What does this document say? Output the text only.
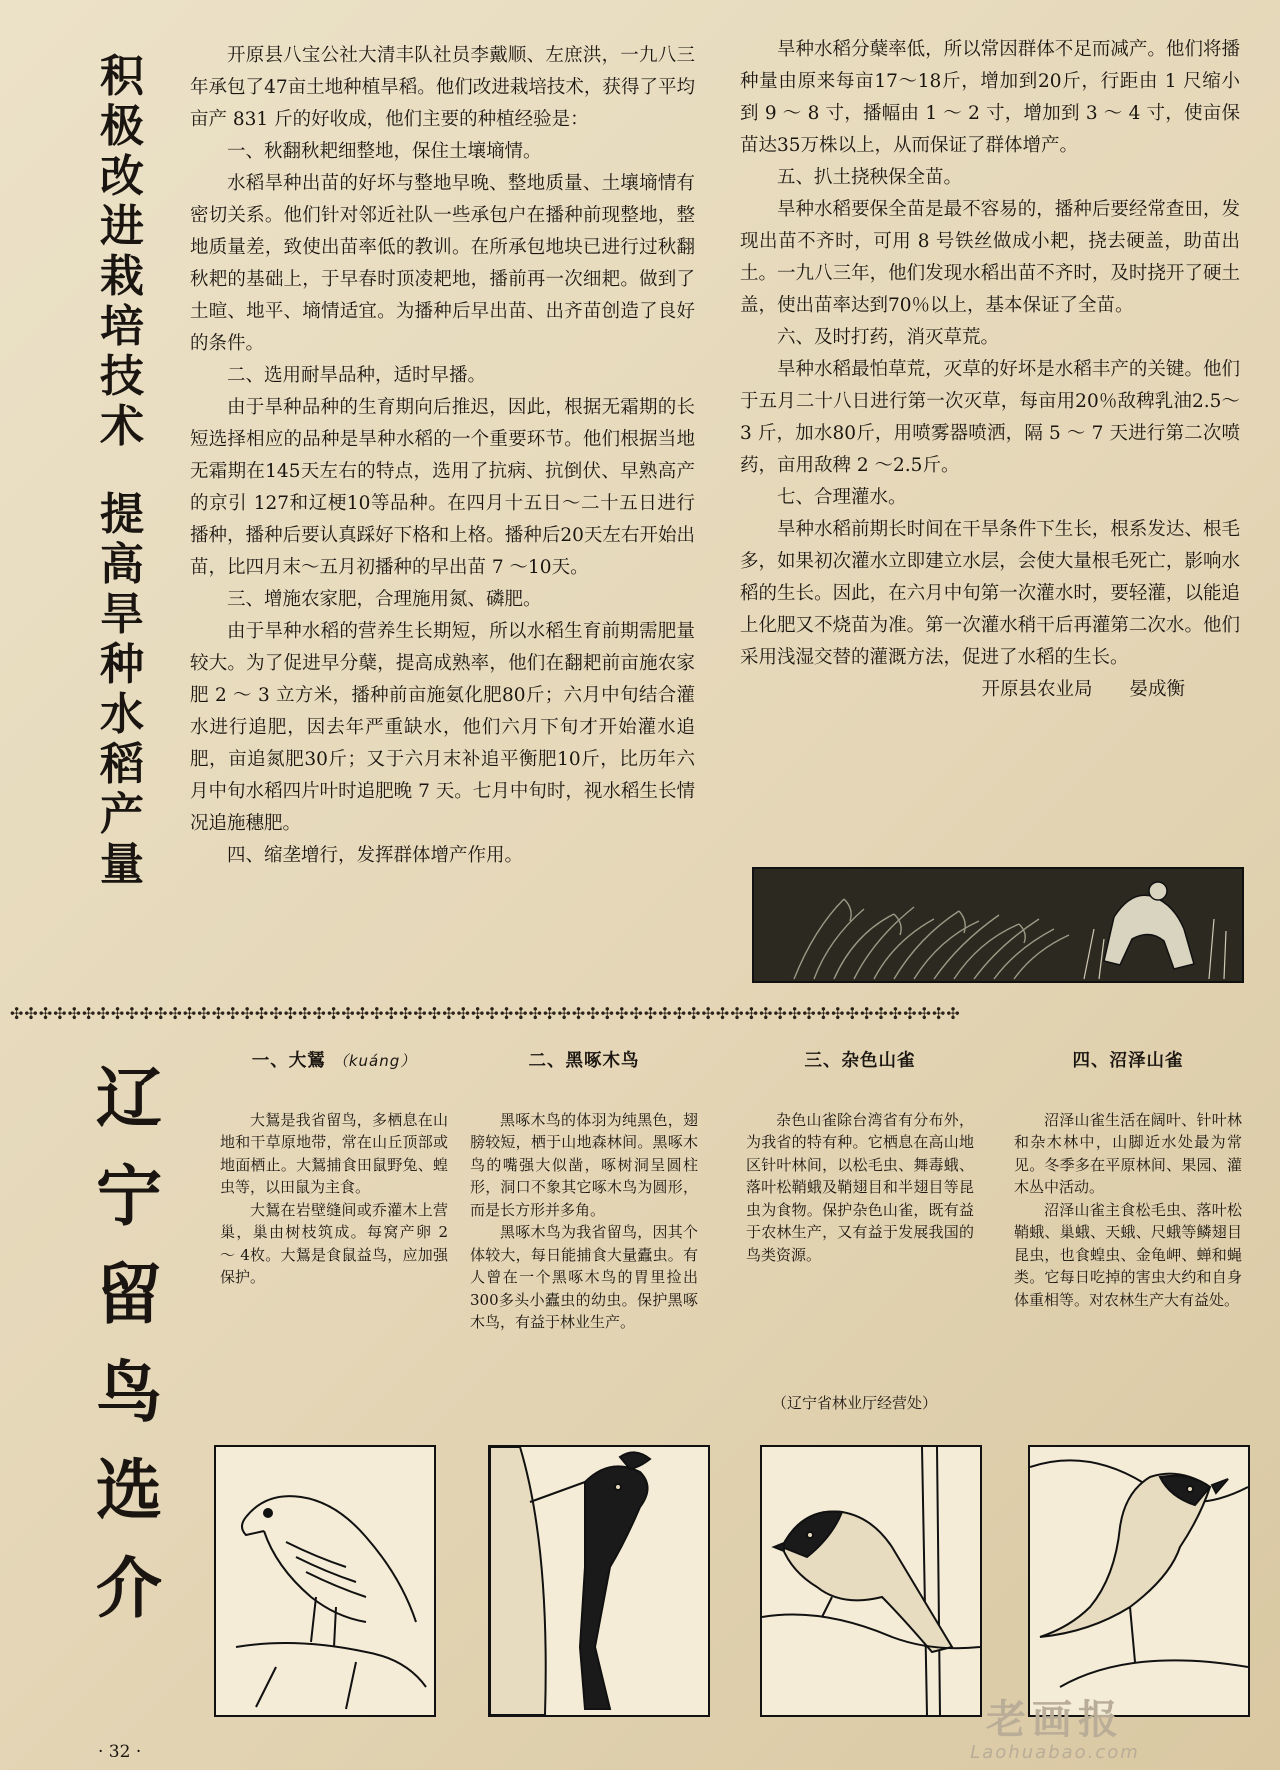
积
极
改
进
栽
培
技
术
提
高
旱
种
水
稻
产
量

开原县八宝公社大清丰队社员李戴顺、左庶洪，一九八三年承包了47亩土地种植旱稻。他们改进栽培技术，获得了平均亩产 831 斤的好收成，他们主要的种植经验是：

一、秋翻秋耙细整地，保住土壤墒情。

水稻旱种出苗的好坏与整地早晚、整地质量、土壤墒情有密切关系。他们针对邻近社队一些承包户在播种前现整地，整地质量差，致使出苗率低的教训。在所承包地块已进行过秋翻秋耙的基础上，于早春时顶凌耙地，播前再一次细耙。做到了土暄、地平、墒情适宜。为播种后早出苗、出齐苗创造了良好的条件。

二、选用耐旱品种，适时早播。

由于旱种品种的生育期向后推迟，因此，根据无霜期的长短选择相应的品种是旱种水稻的一个重要环节。他们根据当地无霜期在145天左右的特点，选用了抗病、抗倒伏、早熟高产的京引 127和辽梗10等品种。在四月十五日～二十五日进行播种，播种后要认真踩好下格和上格。播种后20天左右开始出苗，比四月末～五月初播种的早出苗 7 ～10天。

三、增施农家肥，合理施用氮、磷肥。

由于旱种水稻的营养生长期短，所以水稻生育前期需肥量较大。为了促进早分蘖，提高成熟率，他们在翻耙前亩施农家肥 2 ～ 3 立方米，播种前亩施氨化肥80斤；六月中旬结合灌水进行追肥，因去年严重缺水，他们六月下旬才开始灌水追肥，亩追氮肥30斤；又于六月末补追平衡肥10斤，比历年六月中旬水稻四片叶时追肥晚 7 天。七月中旬时，视水稻生长情况追施穗肥。

四、缩垄增行，发挥群体增产作用。

旱种水稻分蘖率低，所以常因群体不足而减产。他们将播种量由原来每亩17～18斤，增加到20斤，行距由 1 尺缩小到 9 ～ 8 寸，播幅由 1 ～ 2 寸，增加到 3 ～ 4 寸，使亩保苗达35万株以上，从而保证了群体增产。

五、扒土挠秧保全苗。

旱种水稻要保全苗是最不容易的，播种后要经常查田，发现出苗不齐时，可用 8 号铁丝做成小耙，挠去硬盖，助苗出土。一九八三年，他们发现水稻出苗不齐时，及时挠开了硬土盖，使出苗率达到70％以上，基本保证了全苗。

六、及时打药，消灭草荒。

旱种水稻最怕草荒，灭草的好坏是水稻丰产的关键。他们于五月二十八日进行第一次灭草，每亩用20％敌稗乳油2.5～ 3 斤，加水80斤，用喷雾器喷洒，隔 5 ～ 7 天进行第二次喷药，亩用敌稗 2 ～2.5斤。

七、合理灌水。

旱种水稻前期长时间在干旱条件下生长，根系发达、根毛多，如果初次灌水立即建立水层，会使大量根毛死亡，影响水稻的生长。因此，在六月中旬第一次灌水时，要轻灌，以能追上化肥又不烧苗为准。第一次灌水稍干后再灌第二次水。他们采用浅湿交替的灌溉方法，促进了水稻的生长。

开原县农业局　　晏成衡

✣✣✣✣✣✣✣✣✣✣✣✣✣✣✣✣✣✣✣✣✣✣✣✣✣✣✣✣✣✣✣✣✣✣✣✣✣✣✣✣✣✣✣✣✣✣✣✣✣✣✣✣✣✣✣✣✣✣✣✣✣✣✣✣✣✣
辽
宁
留
鸟
选
介
一、大鵟 （kuáng）

大鵟是我省留鸟，多栖息在山地和干草原地带，常在山丘顶部或地面栖止。大鵟捕食田鼠野兔、蝗虫等，以田鼠为主食。

大鵟在岩壁缝间或乔灌木上营巢，巢由树枝筑成。每窝产卵 2 ～ 4枚。大鵟是食鼠益鸟，应加强保护。

二、黑啄木鸟

黑啄木鸟的体羽为纯黑色，翅膀较短，栖于山地森林间。黑啄木鸟的嘴强大似凿，啄树洞呈圆柱形，洞口不象其它啄木鸟为圆形，而是长方形并多角。

黑啄木鸟为我省留鸟，因其个体较大，每日能捕食大量蠹虫。有人曾在一个黑啄木鸟的胃里捡出300多头小蠹虫的幼虫。保护黑啄木鸟，有益于林业生产。

三、杂色山雀

杂色山雀除台湾省有分布外，为我省的特有种。它栖息在高山地区针叶林间，以松毛虫、舞毒蛾、落叶松鞘蛾及鞘翅目和半翅目等昆虫为食物。保护杂色山雀，既有益于农林生产，又有益于发展我国的鸟类资源。

四、沼泽山雀

沼泽山雀生活在阔叶、针叶林和杂木林中，山脚近水处最为常见。冬季多在平原林间、果园、灌木丛中活动。

沼泽山雀主食松毛虫、落叶松鞘蛾、巢蛾、天蛾、尺蛾等鳞翅目昆虫，也食蝗虫、金龟岬、蝉和蝇类。它每日吃掉的害虫大约和自身体重相等。对农林生产大有益处。

（辽宁省林业厅经营处）
· 32 ·
老画报
Laohuabao.com
